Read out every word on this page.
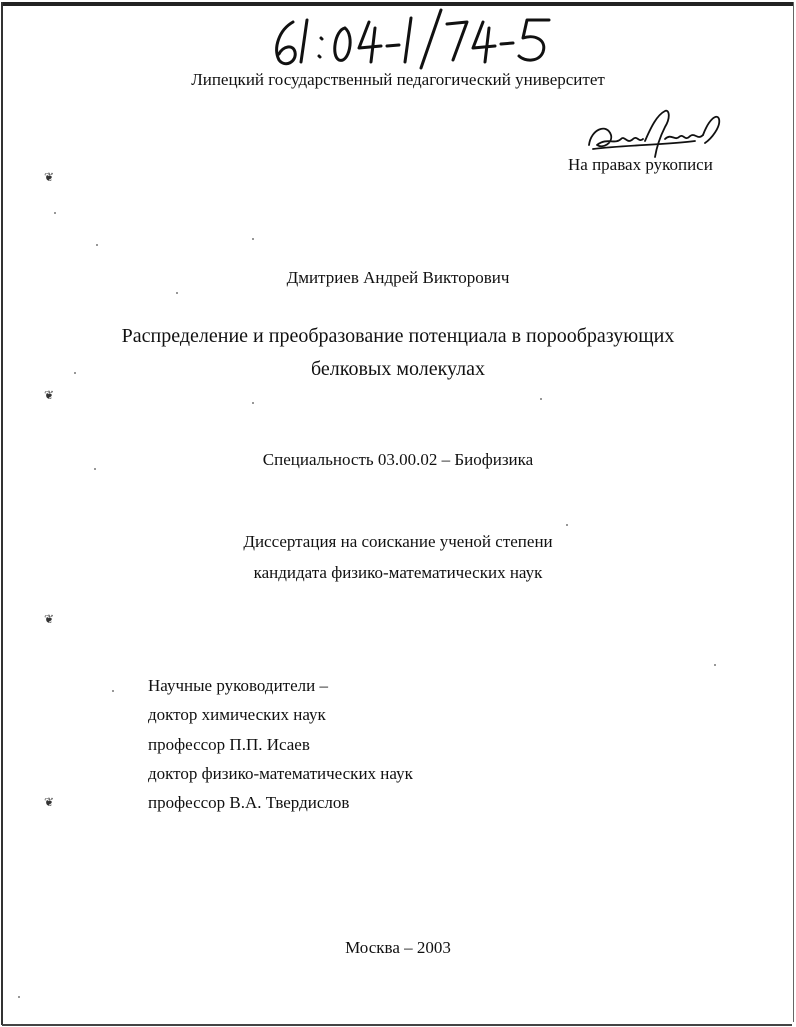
Липецкий государственный педагогический университет
На правах рукописи
Дмитриев Андрей Викторович
Распределение и преобразование потенциала в порообразующих
белковых молекулах
Специальность 03.00.02 – Биофизика
Диссертация на соискание ученой степени
кандидата физико-математических наук
Научные руководители –
доктор химических наук
профессор П.П. Исаев
доктор физико-математических наук
профессор В.А. Твердислов
Москва – 2003
❦
❦
❦
❦
